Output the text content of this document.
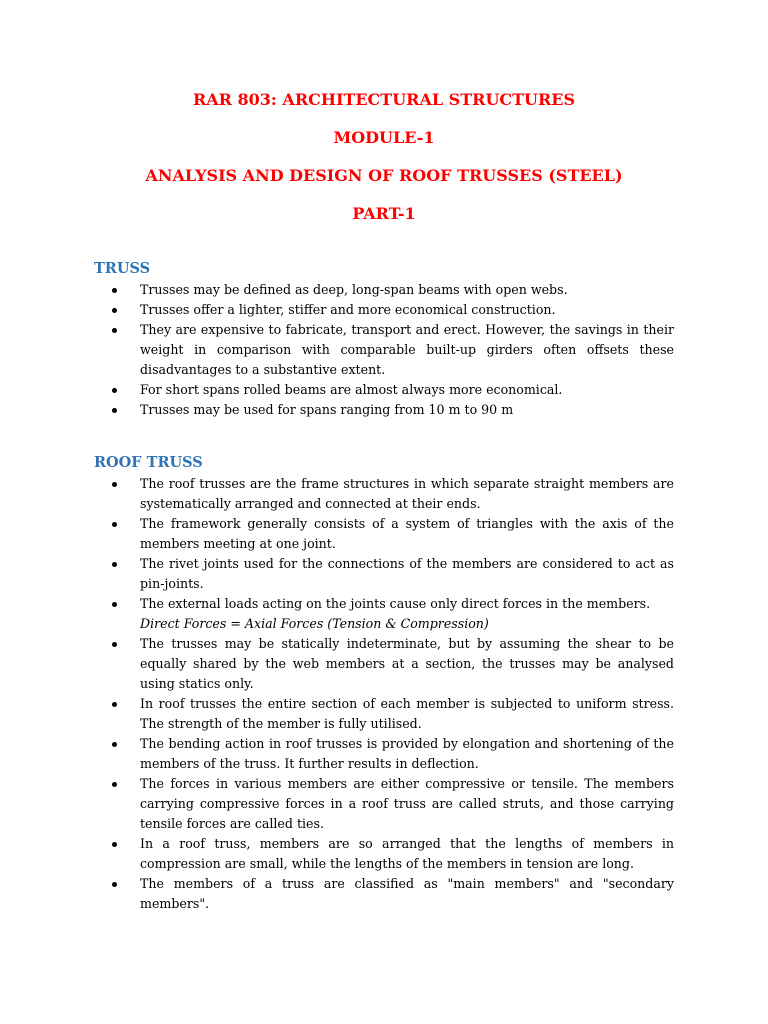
RAR 803: ARCHITECTURAL STRUCTURES
MODULE-1
ANALYSIS AND DESIGN OF ROOF TRUSSES (STEEL)
PART-1
TRUSS
Trusses may be defined as deep, long-span beams with open webs.
Trusses offer a lighter, stiffer and more economical construction.
They are expensive to fabricate, transport and erect. However, the savings in their weight in comparison with comparable built-up girders often offsets these disadvantages to a substantive extent.
For short spans rolled beams are almost always more economical.
Trusses may be used for spans ranging from 10 m to 90 m
ROOF TRUSS
The roof trusses are the frame structures in which separate straight members are systematically arranged and connected at their ends.
The framework generally consists of a system of triangles with the axis of the members meeting at one joint.
The rivet joints used for the connections of the members are considered to act as pin-joints.
The external loads acting on the joints cause only direct forces in the members.
Direct Forces = Axial Forces (Tension & Compression)
The trusses may be statically indeterminate, but by assuming the shear to be equally shared by the web members at a section, the trusses may be analysed using statics only.
In roof trusses the entire section of each member is subjected to uniform stress. The strength of the member is fully utilised.
The bending action in roof trusses is provided by elongation and shortening of the members of the truss. It further results in deflection.
The forces in various members are either compressive or tensile. The members carrying compressive forces in a roof truss are called struts, and those carrying tensile forces are called ties.
In a roof truss, members are so arranged that the lengths of members in compression are small, while the lengths of the members in tension are long.
The members of a truss are classified as "main members" and "secondary members".
